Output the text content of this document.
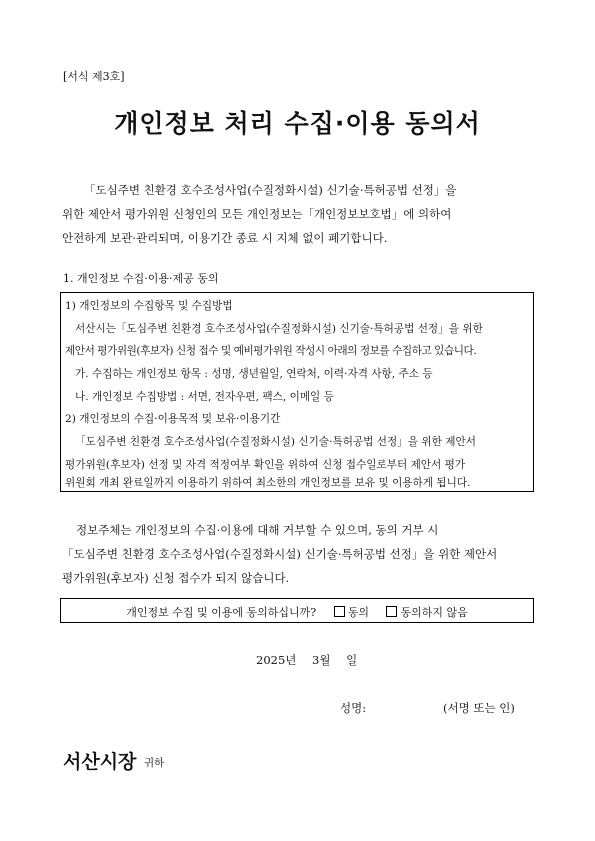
[서식 제3호]
개인정보 처리 수집·이용 동의서

「도심주변 친환경 호수조성사업(수질정화시설) 신기술·특허공법 선정」을

위한 제안서 평가위원 신청인의 모든 개인정보는「개인정보보호법」에 의하여

안전하게 보관·관리되며, 이용기간 종료 시 지체 없이 폐기합니다.

1. 개인정보 수집·이용·제공 동의
1) 개인정보의 수집항목 및 수집방법
서산시는「도심주변 친환경 호수조성사업(수질정화시설) 신기술·특허공법 선정」을 위한
제안서 평가위원(후보자) 신청 접수 및 예비평가위원 작성시 아래의 정보를 수집하고 있습니다.
가. 수집하는 개인정보 항목 : 성명, 생년월일, 연락처, 이력·자격 사항, 주소 등
나. 개인정보 수집방법 : 서면, 전자우편, 팩스, 이메일 등
2) 개인정보의 수집·이용목적 및 보유·이용기간
「도심주변 친환경 호수조성사업(수질정화시설) 신기술·특허공법 선정」을 위한 제안서
평가위원(후보자) 선정 및 자격 적정여부 확인을 위하여 신청 접수일로부터 제안서 평가
위원회 개최 완료일까지 이용하기 위하여 최소한의 개인정보를 보유 및 이용하게 됩니다.

정보주체는 개인정보의 수집·이용에 대해 거부할 수 있으며, 동의 거부 시

「도심주변 친환경 호수조성사업(수질정화시설) 신기술·특허공법 선정」을 위한 제안서

평가위원(후보자) 신청 접수가 되지 않습니다.

개인정보 수집 및 이용에 동의하십니까?	동의	동의하지 않음
2025년 3월 일
성명:	(서명 또는 인)
서산시장 귀하
